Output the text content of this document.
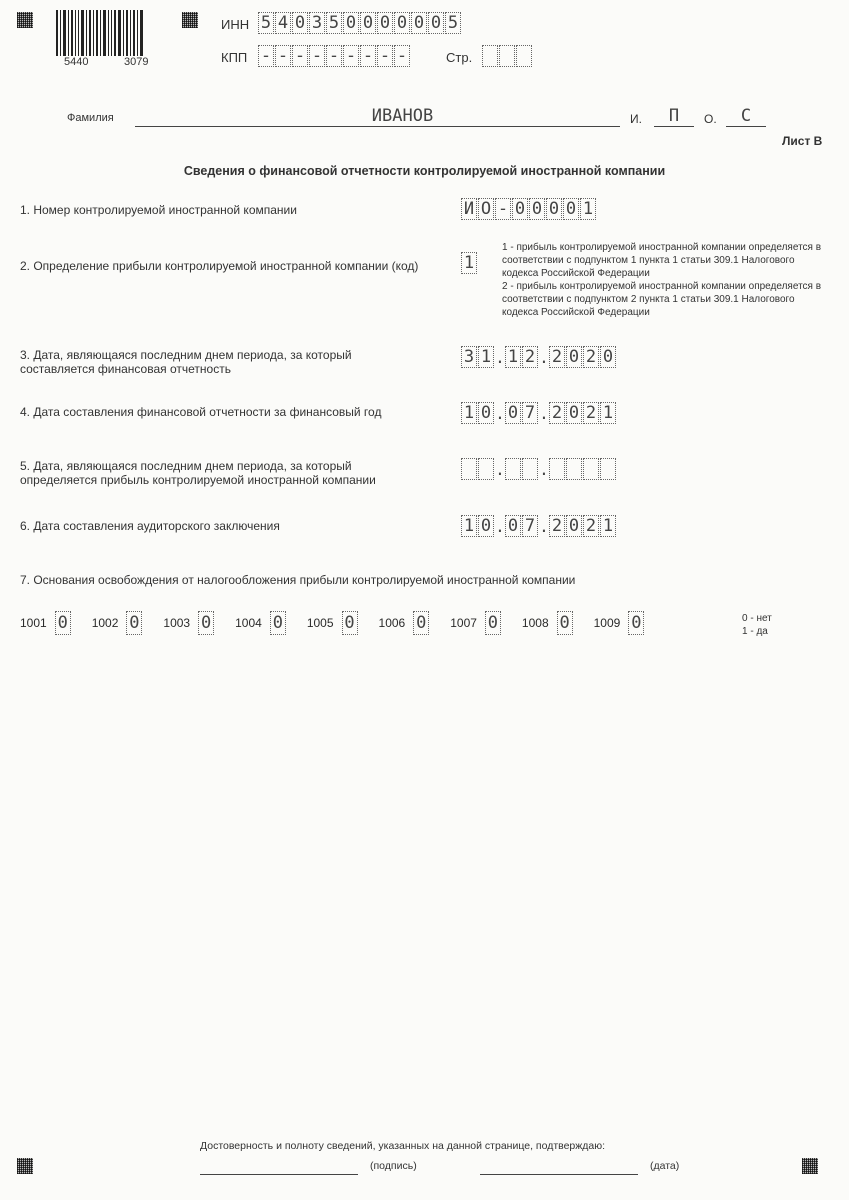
5440	3079
ИНН 5 4 0 3 5 0 0 0 0 0 0 5
КПП - - - - - - - - -	Стр.
Фамилия	ИВАНОВ	И.	П	О.	С
Лист В
Сведения о финансовой отчетности контролируемой иностранной компании
1. Номер контролируемой иностранной компании	И О - 0 0 0 0 1
2. Определение прибыли контролируемой иностранной компании (код)	1
1 - прибыль контролируемой иностранной компании определяется в соответствии с подпунктом 1 пункта 1 статьи 309.1 Налогового кодекса Российской Федерации
2 - прибыль контролируемой иностранной компании определяется в соответствии с подпунктом 2 пункта 1 статьи 309.1 Налогового кодекса Российской Федерации
3. Дата, являющаяся последним днем периода, за который
составляется финансовая отчетность
3 1 . 1 2 . 2 0 2 0
4. Дата составления финансовой отчетности за финансовый год	1 0 . 0 7 . 2 0 2 1
5. Дата, являющаяся последним днем периода, за который
определяется прибыль контролируемой иностранной компании
. .
6. Дата составления аудиторского заключения	1 0 . 0 7 . 2 0 2 1
7. Основания освобождения от налогообложения прибыли контролируемой иностранной компании
1001 0 1002 0 1003 0 1004 0 1005 0 1006 0 1007 0 1008 0 1009 0	0 - нет
1 - да
Достоверность и полноту сведений, указанных на данной странице, подтверждаю:
(подпись)	(дата)
